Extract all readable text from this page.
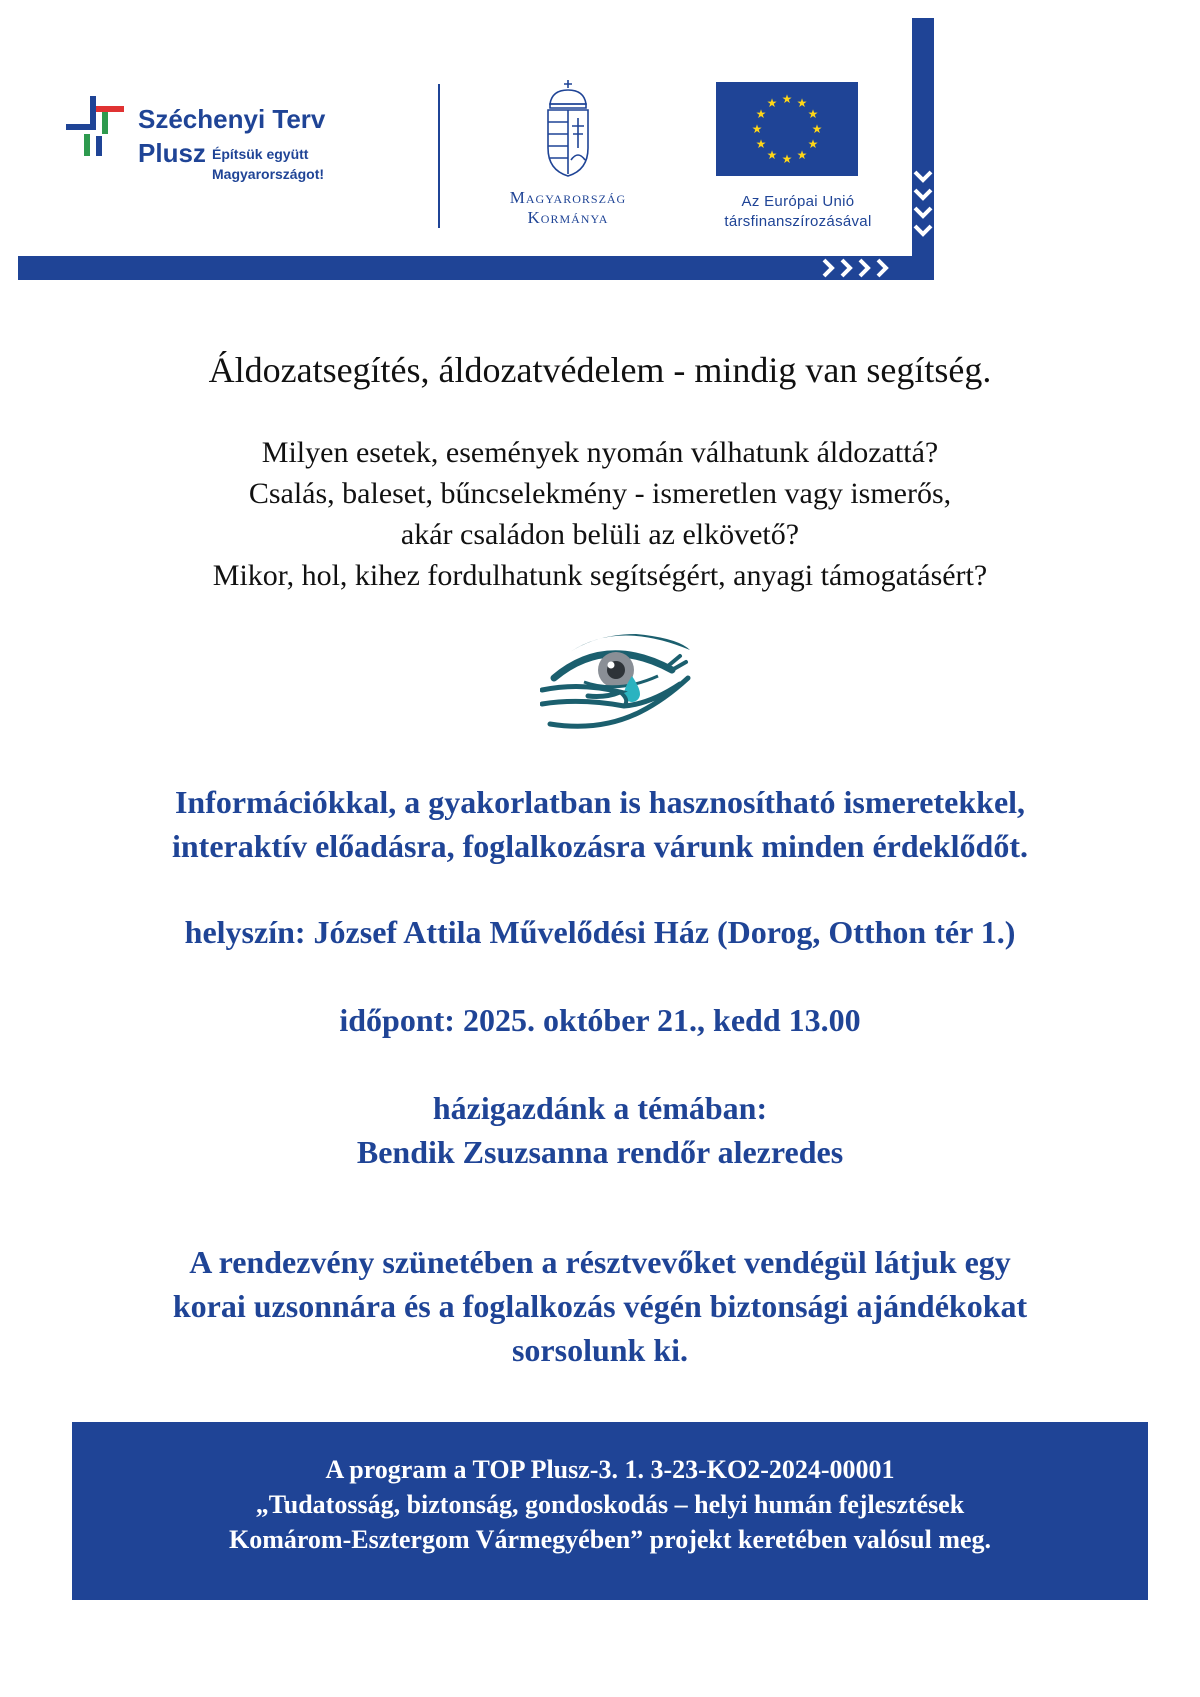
Széchenyi Terv
Plusz Építsük együtt
Magyarországot!
Magyarország
Kormánya
★ ★
★
★
★
★
★
★
★
★
★
★
Az Európai Unió
társfinanszírozásával
Áldozatsegítés, áldozatvédelem - mindig van segítség.
Milyen esetek, események nyomán válhatunk áldozattá?
Csalás, baleset, bűncselekmény - ismeretlen vagy ismerős,
akár családon belüli az elkövető?
Mikor, hol, kihez fordulhatunk segítségért, anyagi támogatásért?
Információkkal, a gyakorlatban is hasznosítható ismeretekkel,
interaktív előadásra, foglalkozásra várunk minden érdeklődőt.
helyszín: József Attila Művelődési Ház (Dorog, Otthon tér 1.)
időpont: 2025. október 21., kedd 13.00
házigazdánk a témában:
Bendik Zsuzsanna rendőr alezredes
A rendezvény szünetében a résztvevőket vendégül látjuk egy
korai uzsonnára és a foglalkozás végén biztonsági ajándékokat
sorsolunk ki.
A program a TOP Plusz-3. 1. 3-23-KO2-2024-00001
„Tudatosság, biztonság, gondoskodás – helyi humán fejlesztések
Komárom-Esztergom Vármegyében” projekt keretében valósul meg.
